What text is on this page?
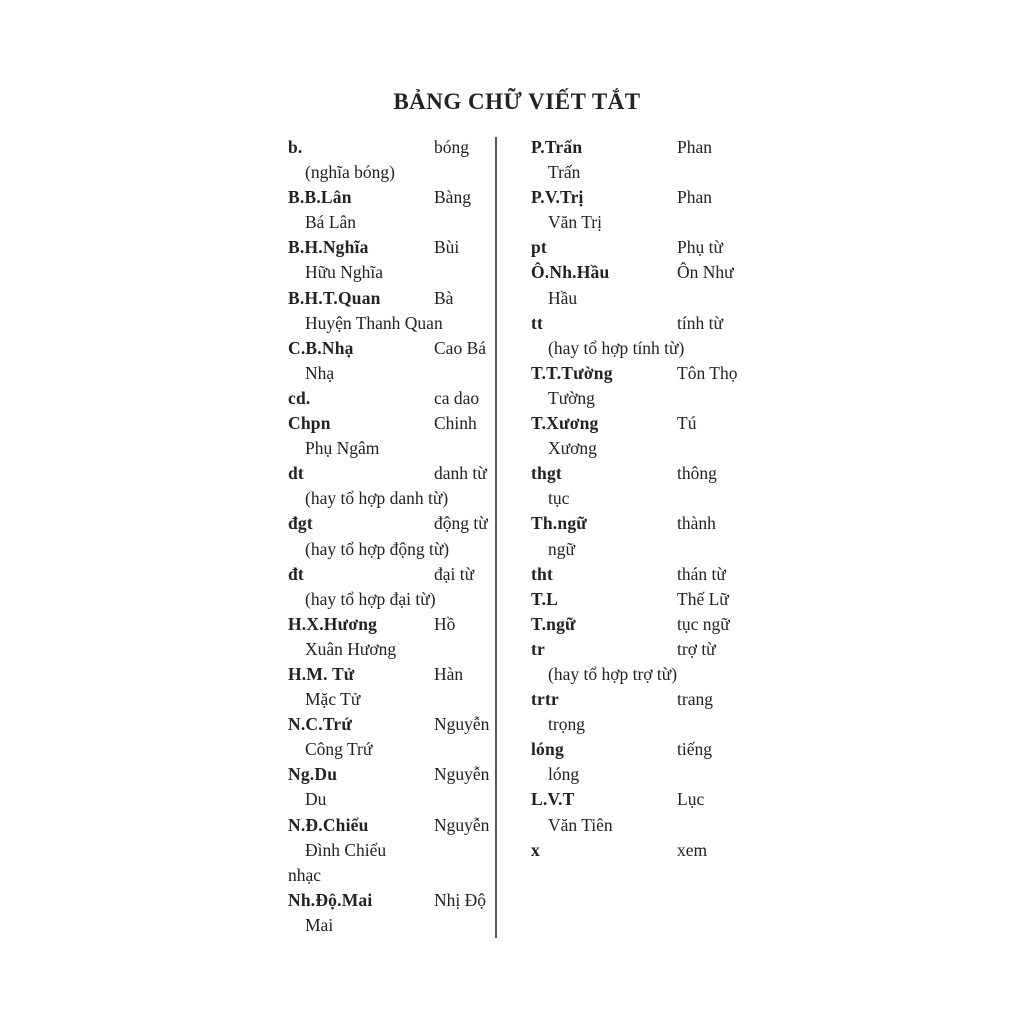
BẢNG CHỮ VIẾT TẮT
b.	bóng
(nghĩa bóng)
B.B.Lân	Bàng
Bá Lân
B.H.Nghĩa	Bùi
Hữu Nghĩa
B.H.T.Quan	Bà
Huyện Thanh Quan
C.B.Nhạ	Cao Bá
Nhạ
cd.	ca dao
Chpn	Chinh
Phụ Ngâm
dt	danh từ
(hay tổ hợp danh từ)
đgt	động từ
(hay tổ hợp động từ)
đt	đại từ
(hay tổ hợp đại từ)
H.X.Hương	Hồ
Xuân Hương
H.M. Tử	Hàn
Mặc Tử
N.C.Trứ	Nguyễn
Công Trứ
Ng.Du	Nguyễn
Du
N.Đ.Chiểu	Nguyễn
Đình Chiểu
nhạc
Nh.Độ.Mai	Nhị Độ
Mai
P.Trấn	Phan
Trấn
P.V.Trị	Phan
Văn Trị
pt	Phụ từ
Ô.Nh.Hầu	Ôn Như
Hầu
tt	tính từ
(hay tổ hợp tính từ)
T.T.Tường	Tôn Thọ
Tường
T.Xương	Tú
Xương
thgt	thông
tục
Th.ngữ	thành
ngữ
tht	thán từ
T.L	Thế Lữ
T.ngữ	tục ngữ
tr	trợ từ
(hay tổ hợp trợ từ)
trtr	trang
trọng
lóng	tiếng
lóng
L.V.T	Lục
Văn Tiên
x	xem
